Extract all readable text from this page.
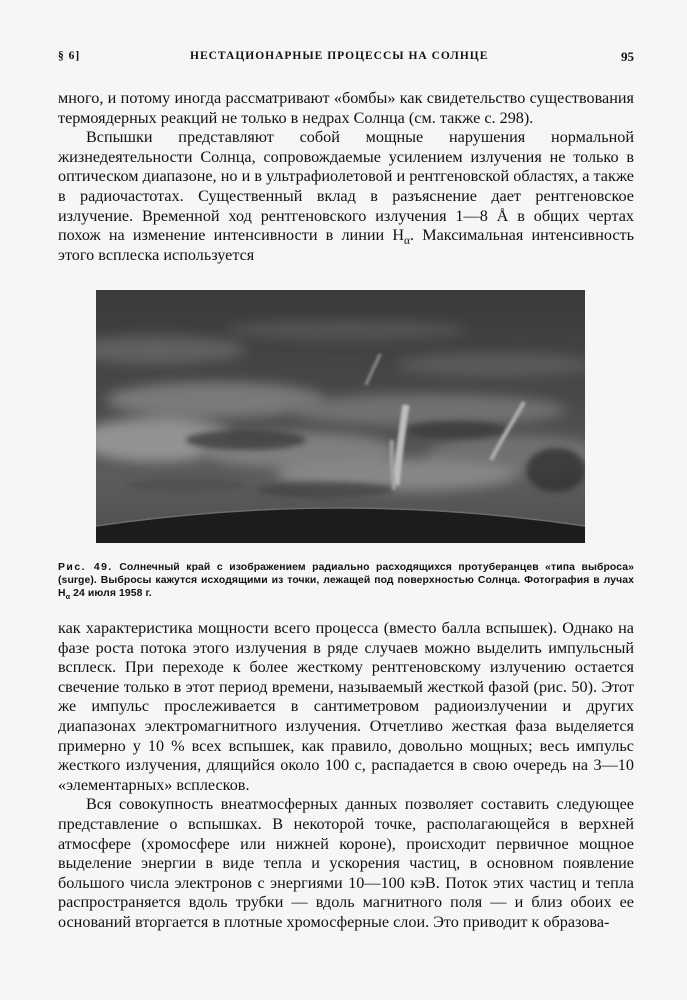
§ 6]	НЕСТАЦИОНАРНЫЕ ПРОЦЕССЫ НА СОЛНЦЕ	95

много, и потому иногда рассматривают «бомбы» как свидетельство существования термоядерных реакций не только в недрах Солнца (см. также с. 298).

Вспышки представляют собой мощные нарушения нормальной жизнедеятельности Солнца, сопровождаемые усилением излучения не только в оптическом диапазоне, но и в ультрафиолетовой и рентгеновской областях, а также в радиочастотах. Существенный вклад в разъяснение дает рентгеновское излучение. Временной ход рентгеновского излучения 1—8 Å в общих чертах похож на изменение интенсивности в линии $H_\alpha$. Максимальная интенсивность этого всплеска используется

Рис. 49. Солнечный край с изображением радиально расходящихся протуберанцев «типа выброса» (surge). Выбросы кажутся исходящими из точки, лежащей под поверхностью Солнца. Фотография в лучах $H_\alpha$ 24 июля 1958 г.

как характеристика мощности всего процесса (вместо балла вспышек). Однако на фазе роста потока этого излучения в ряде случаев можно выделить импульсный всплеск. При переходе к более жесткому рентгеновскому излучению остается свечение только в этот период времени, называемый жесткой фазой (рис. 50). Этот же импульс прослеживается в сантиметровом радиоизлучении и других диапазонах электромагнитного излучения. Отчетливо жесткая фаза выделяется примерно у 10 % всех вспышек, как правило, довольно мощных; весь импульс жесткого излучения, длящийся около 100 с, распадается в свою очередь на 3—10 «элементарных» всплесков.

Вся совокупность внеатмосферных данных позволяет составить следующее представление о вспышках. В некоторой точке, располагающейся в верхней атмосфере (хромосфере или нижней короне), происходит первичное мощное выделение энергии в виде тепла и ускорения частиц, в основном появление большого числа электронов с энергиями 10—100 кэВ. Поток этих частиц и тепла распространяется вдоль трубки — вдоль магнитного поля — и близ обоих ее оснований вторгается в плотные хромосферные слои. Это приводит к образова-
